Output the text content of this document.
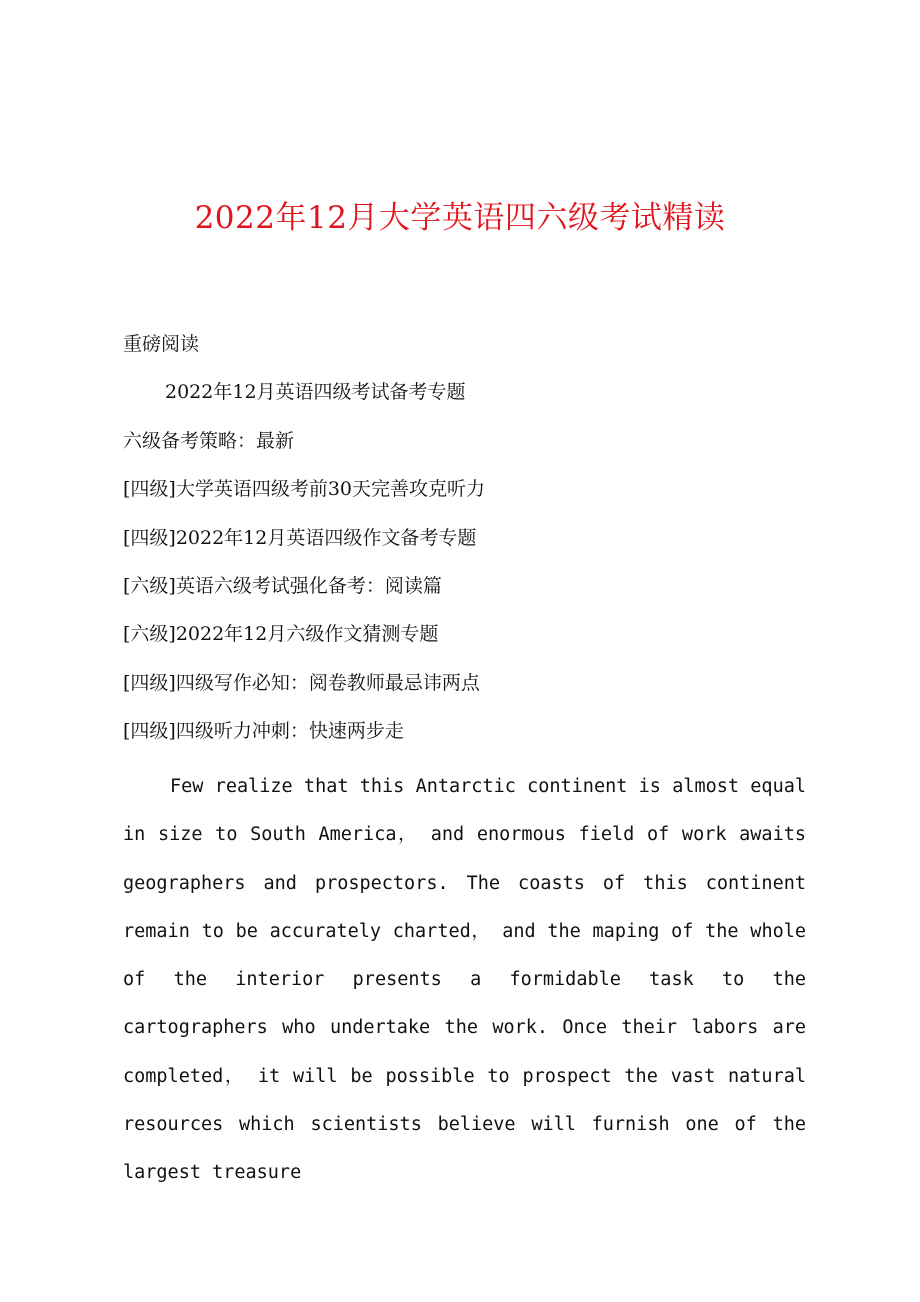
2022年12月大学英语四六级考试精读
重磅阅读
2022年12月英语四级考试备考专题
六级备考策略：最新
[四级]大学英语四级考前30天完善攻克听力
[四级]2022年12月英语四级作文备考专题
[六级]英语六级考试强化备考：阅读篇
[六级]2022年12月六级作文猜测专题
[四级]四级写作必知：阅卷教师最忌讳两点
[四级]四级听力冲刺：快速两步走
Few realize that this Antarctic continent is almost equal in size to South America， and enormous field of work awaits geographers and prospectors. The coasts of this continent remain to be accurately charted， and the maping of the whole of the interior presents a formidable task to the cartographers who undertake the work. Once their labors are completed， it will be possible to prospect the vast natural resources which scientists believe will furnish one of the largest treasure
